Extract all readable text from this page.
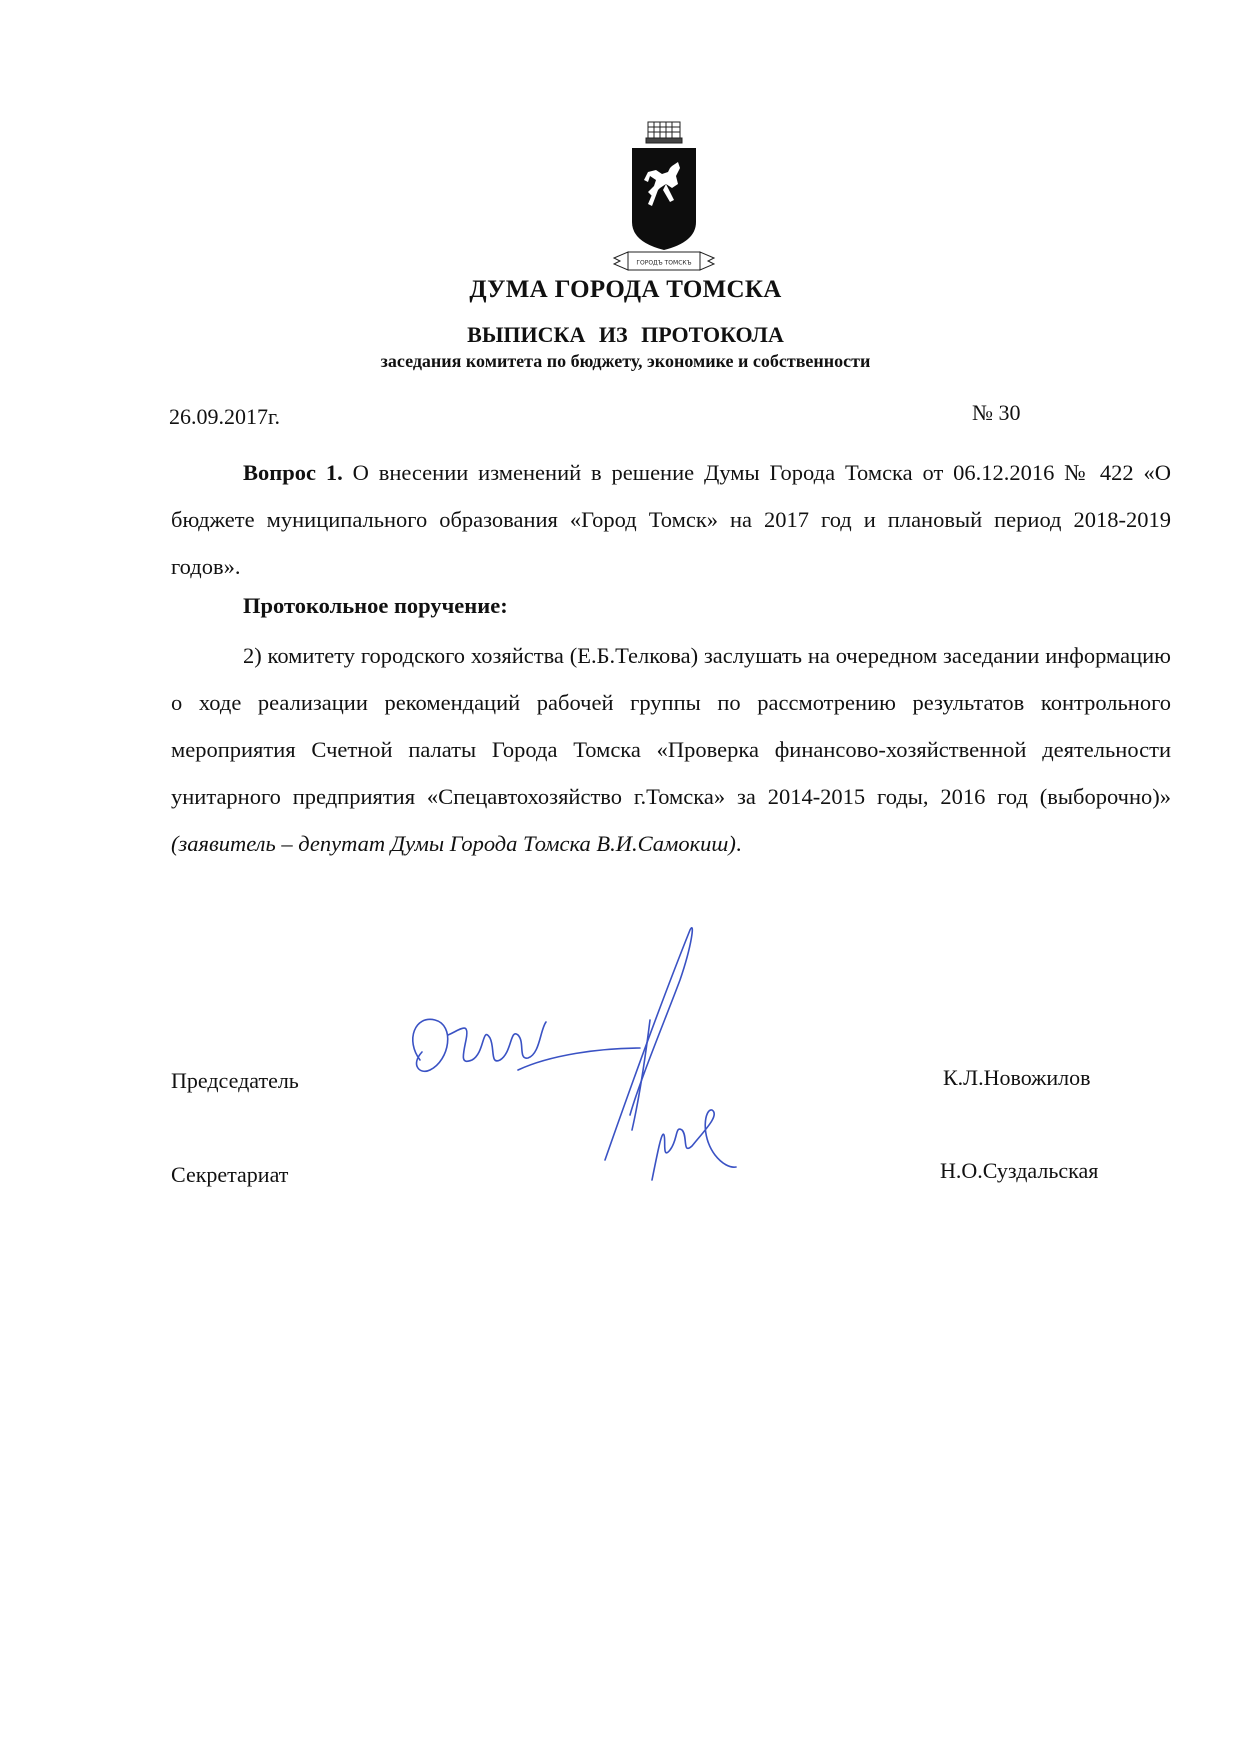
ГОРОДЪ ТОМСКЪ
ДУМА ГОРОДА ТОМСКА
ВЫПИСКА ИЗ ПРОТОКОЛА
заседания комитета по бюджету, экономике и собственности
26.09.2017г.	№ 30

Вопрос 1. О внесении изменений в решение Думы Города Томска от 06.12.2016 № 422 «О бюджете муниципального образования «Город Томск» на 2017 год и плановый период 2018-2019 годов».

Протокольное поручение:

2) комитету городского хозяйства (Е.Б.Телкова) заслушать на очередном заседании информацию о ходе реализации рекомендаций рабочей группы по рассмотрению результатов контрольного мероприятия Счетной палаты Города Томска «Проверка финансово-хозяйственной деятельности унитарного предприятия «Спецавтохозяйство г.Томска» за 2014-2015 годы, 2016 год (выборочно)» (заявитель – депутат Думы Города Томска В.И.Самокиш).

Председатель	К.Л.Новожилов
Секретариат	Н.О.Суздальская
